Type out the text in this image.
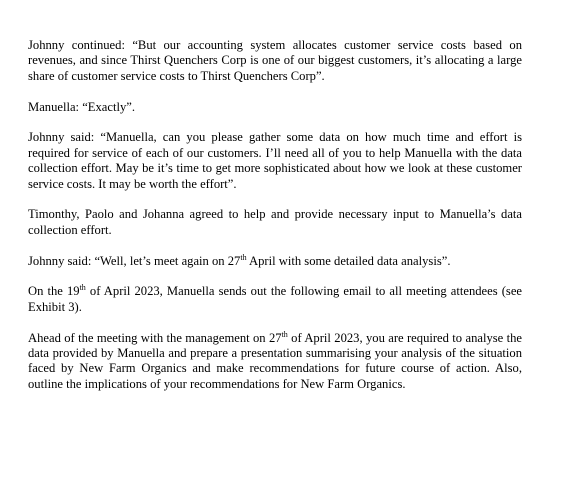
Johnny continued: “But our accounting system allocates customer service costs based on revenues, and since Thirst Quenchers Corp is one of our biggest customers, it’s allocating a large share of customer service costs to Thirst Quenchers Corp”.

Manuella: “Exactly”.

Johnny said: “Manuella, can you please gather some data on how much time and effort is required for service of each of our customers. I’ll need all of you to help Manuella with the data collection effort. May be it’s time to get more sophisticated about how we look at these customer service costs. It may be worth the effort”.

Timonthy, Paolo and Johanna agreed to help and provide necessary input to Manuella’s data collection effort.

Johnny said: “Well, let’s meet again on 27th April with some detailed data analysis”.

On the 19th of April 2023, Manuella sends out the following email to all meeting attendees (see Exhibit 3).

Ahead of the meeting with the management on 27th of April 2023, you are required to analyse the data provided by Manuella and prepare a presentation summarising your analysis of the situation faced by New Farm Organics and make recommendations for future course of action. Also, outline the implications of your recommendations for New Farm Organics.
